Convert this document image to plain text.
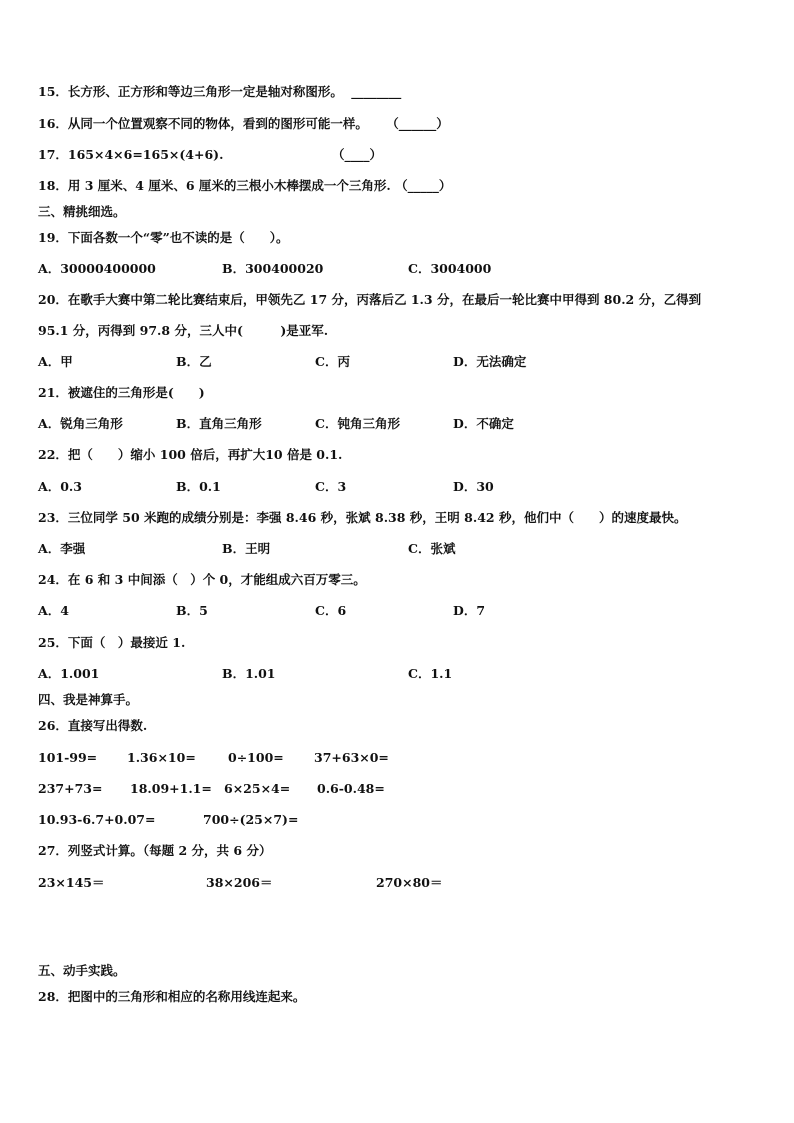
15．长方形、正方形和等边三角形一定是轴对称图形。 ________
16．从同一个位置观察不同的物体，看到的图形可能一样。 （______）
17．165×4×6=165×(4+6).	（____）
18．用 3 厘米、4 厘米、6 厘米的三根小木棒摆成一个三角形. （_____）
三、精挑细选。
19．下面各数一个“零”也不读的是（　　）。
A．30000400000	B．300400020	C．3004000
20．在歌手大赛中第二轮比赛结束后，甲领先乙 17 分，丙落后乙 1.3 分，在最后一轮比赛中甲得到 80.2 分，乙得到
95.1 分，丙得到 97.8 分，三人中(　　　)是亚军.
A．甲	B．乙	C．丙	D．无法确定
21．被遮住的三角形是(　　)
A．锐角三角形	B．直角三角形	C．钝角三角形	D．不确定
22．把（　　）缩小 100 倍后，再扩大10 倍是 0.1.
A．0.3	B．0.1	C．3	D．30
23．三位同学 50 米跑的成绩分别是：李强 8.46 秒，张斌 8.38 秒，王明 8.42 秒，他们中（　　）的速度最快。
A．李强	B．王明	C．张斌
24．在 6 和 3 中间添（　）个 0，才能组成六百万零三。
A．4	B．5	C．6	D．7
25．下面（　）最接近 1.
A．1.001	B．1.01	C．1.1
四、我是神算手。
26．直接写出得数.
101-99= 1.36×10=	0÷100= 37+63×0=
237+73= 18.09+1.1= 6×25×4= 0.6-0.48=
10.93-6.7+0.07=	700÷(25×7)=
27．列竖式计算。（每题 2 分，共 6 分）
23×145＝	38×206＝	270×80＝
五、动手实践。
28．把图中的三角形和相应的名称用线连起来。
